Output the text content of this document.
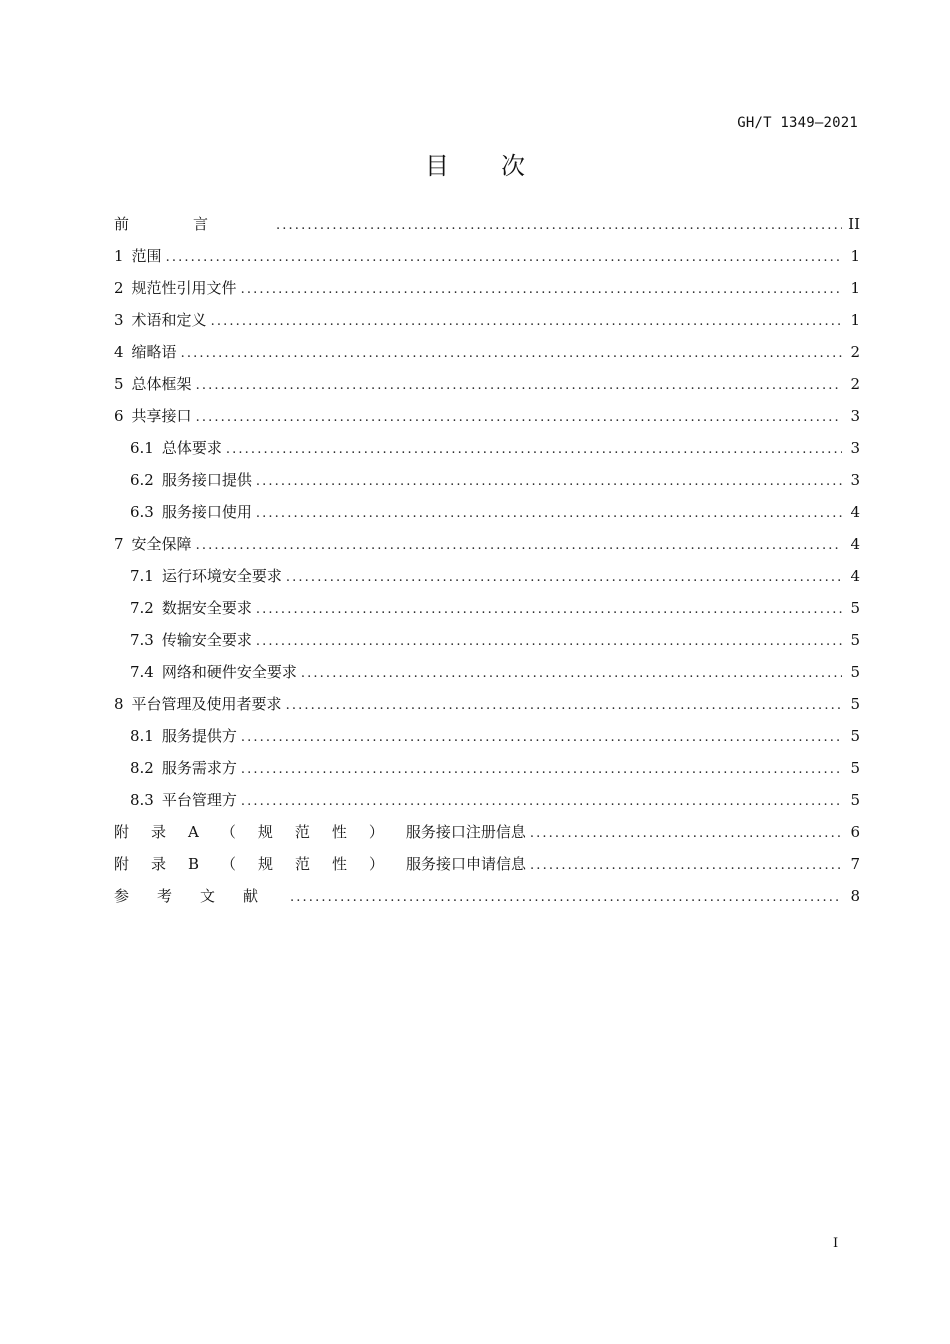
GH/T 1349—2021
目 次
前言 . . .	II
1 范围 . . .	1
2 规范性引用文件 . . .	1
3 术语和定义 . . .	1
4 缩略语 . . .	2
5 总体框架 . . .	2
6 共享接口 . . .	3
6.1 总体要求 . . .	3
6.2 服务接口提供 . . .	3
6.3 服务接口使用 . . .	4
7 安全保障 . . .	4
7.1 运行环境安全要求 . . .	4
7.2 数据安全要求 . . .	5
7.3 传输安全要求 . . .	5
7.4 网络和硬件安全要求 . . .	5
8 平台管理及使用者要求 . . .	5
8.1 服务提供方 . . .	5
8.2 服务需求方 . . .	5
8.3 平台管理方 . . .	5
附录A（规范性） 服务接口注册信息 . . .	6
附录B（规范性） 服务接口申请信息 . . .	7
参考文献 . . .	8
I
